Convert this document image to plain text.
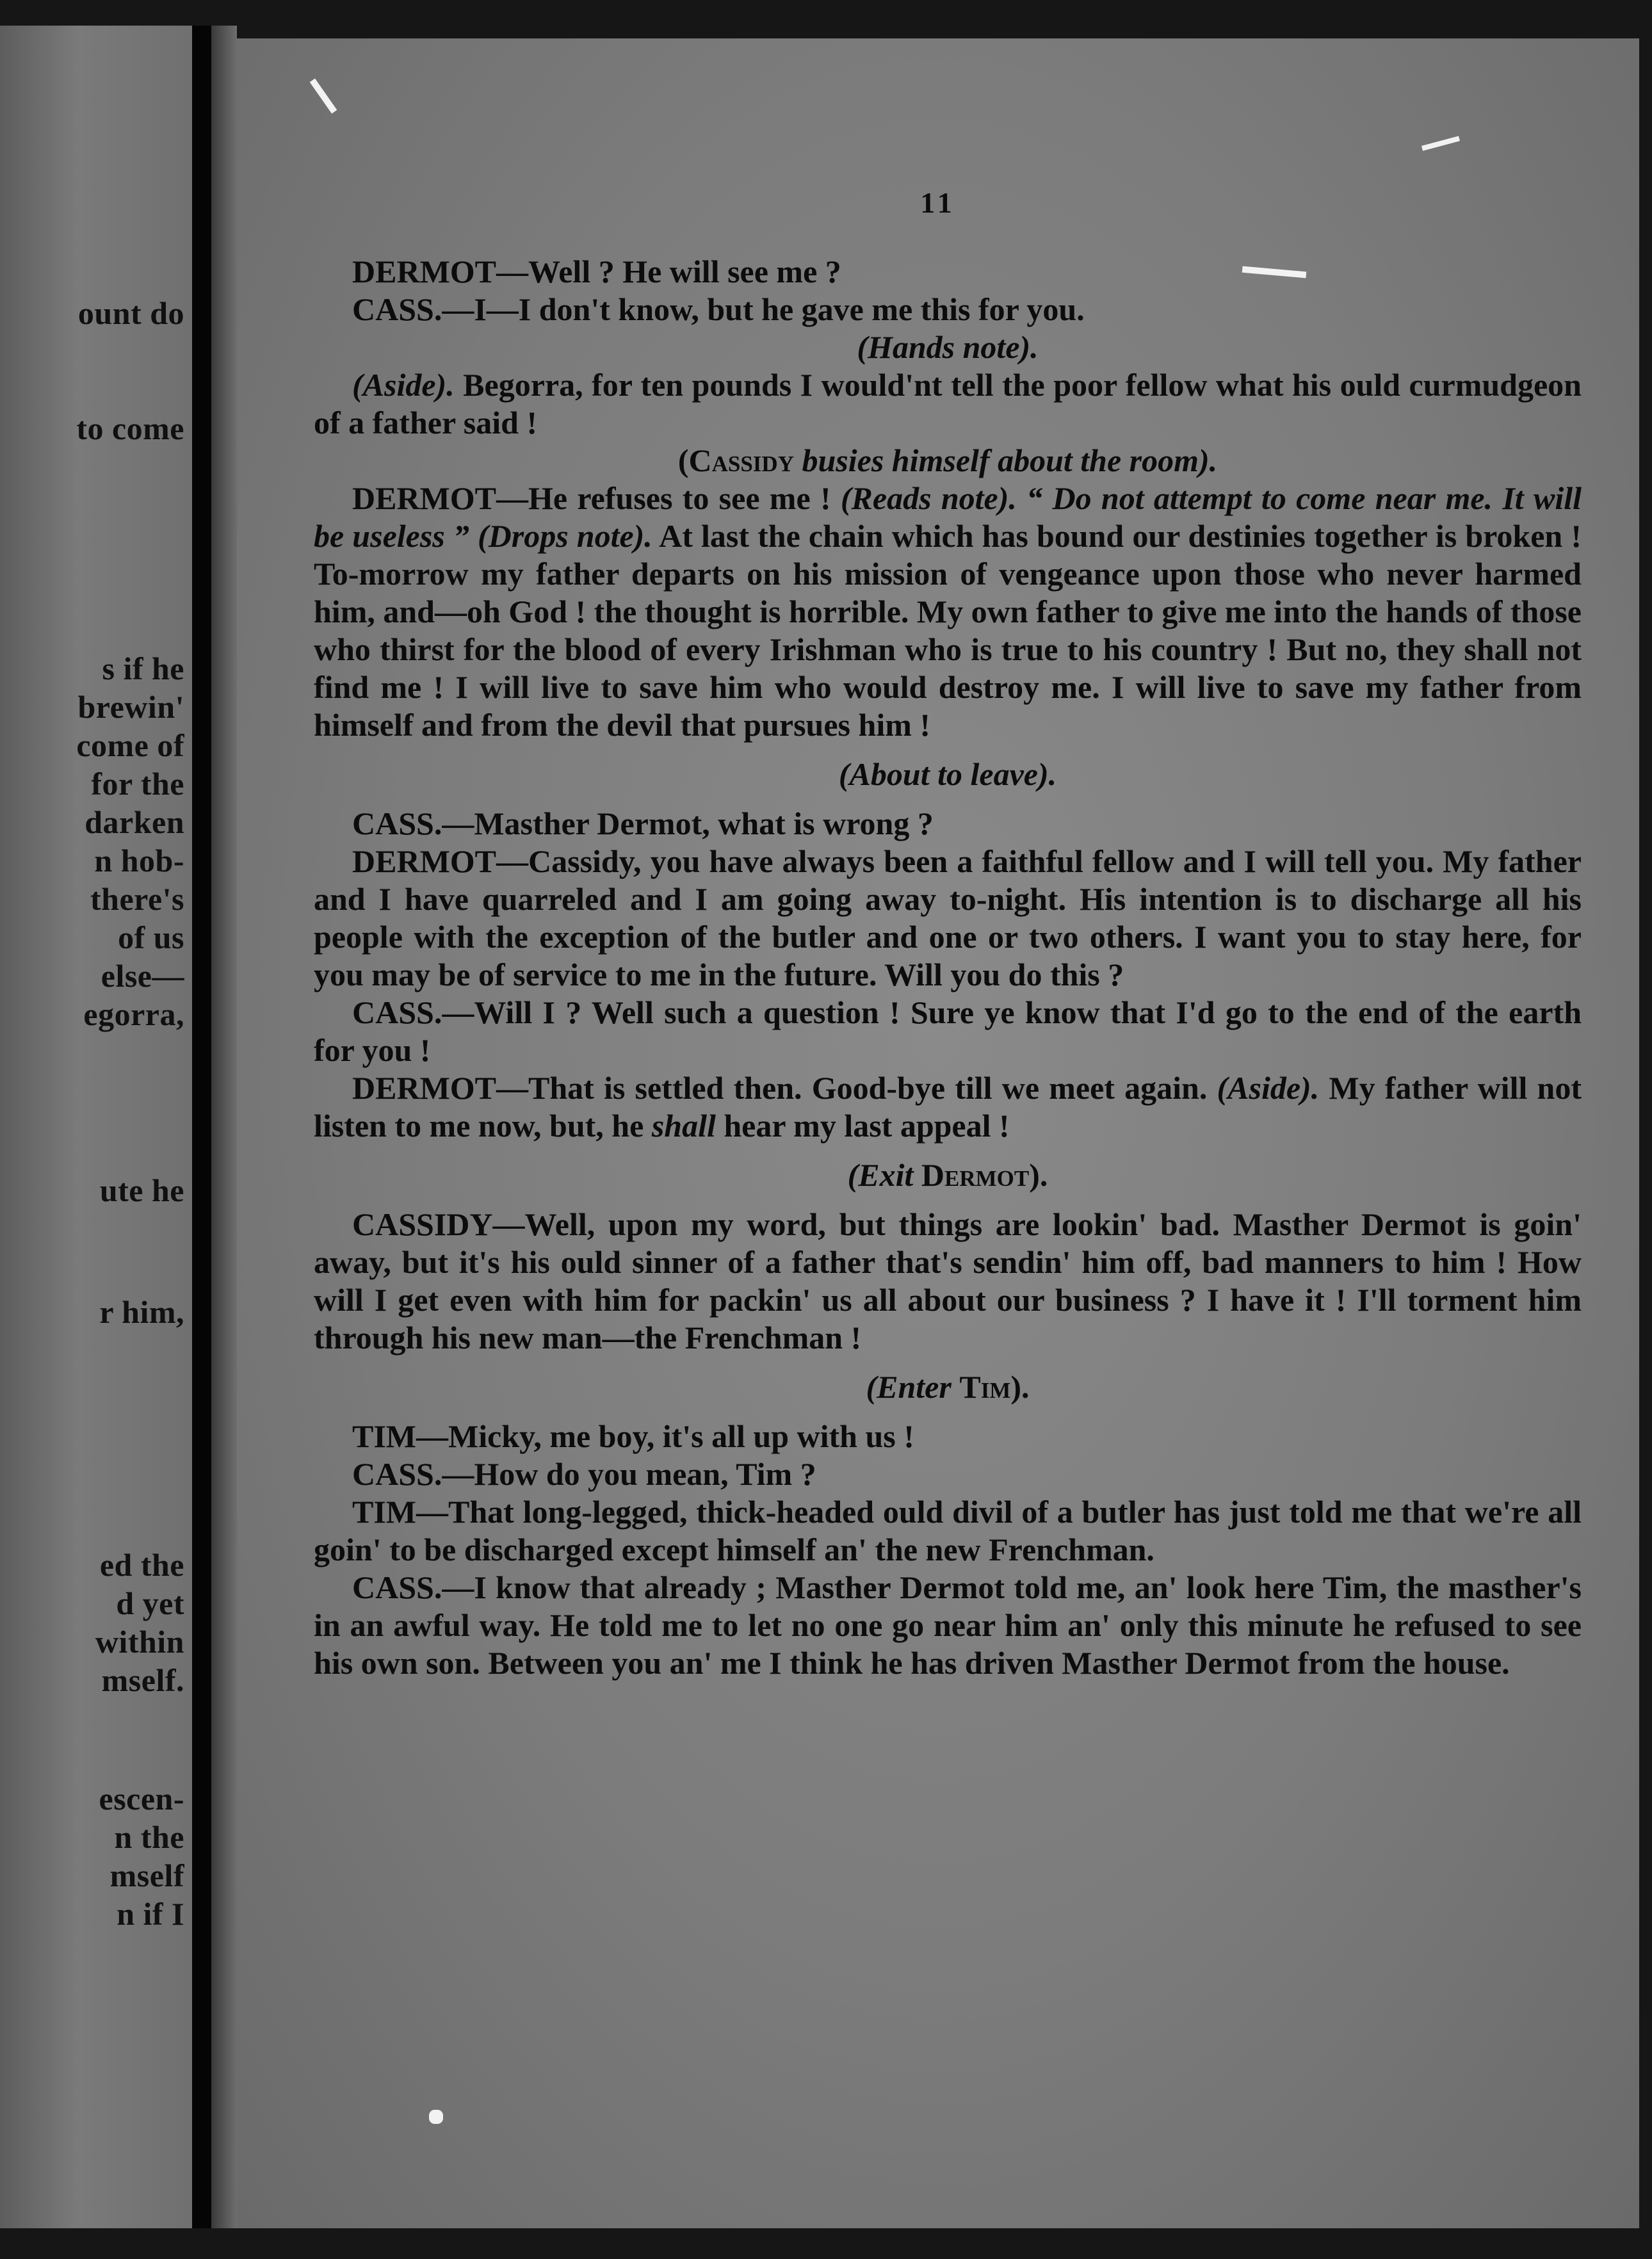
ount do

to come

s if he

brewin'

come of

for the

darken

n hob-

there's

of us

else—

egorra,

ute he

r him,

ed the

d yet

within

mself.

escen-

n the

mself

n if I

11

DERMOT—Well ? He will see me ?

CASS.—I—I don't know, but he gave me this for you.

(Hands note).

(Aside). Begorra, for ten pounds I would'nt tell the poor fellow what his ould curmudgeon of a father said !

(Cassidy busies himself about the room).

DERMOT—He refuses to see me ! (Reads note). “ Do not attempt to come near me. It will be useless ” (Drops note). At last the chain which has bound our destinies together is broken ! To-morrow my father departs on his mission of vengeance upon those who never harmed him, and—oh God ! the thought is horrible. My own father to give me into the hands of those who thirst for the blood of every Irishman who is true to his country ! But no, they shall not find me ! I will live to save him who would destroy me. I will live to save my father from himself and from the devil that pursues him !

(About to leave).

CASS.—Masther Dermot, what is wrong ?

DERMOT—Cassidy, you have always been a faithful fellow and I will tell you. My father and I have quarreled and I am going away to-night. His intention is to discharge all his people with the exception of the butler and one or two others. I want you to stay here, for you may be of service to me in the future. Will you do this ?

CASS.—Will I ? Well such a question ! Sure ye know that I'd go to the end of the earth for you !

DERMOT—That is settled then. Good-bye till we meet again. (Aside). My father will not listen to me now, but, he shall hear my last appeal !

(Exit Dermot).

CASSIDY—Well, upon my word, but things are lookin' bad. Masther Dermot is goin' away, but it's his ould sinner of a father that's sendin' him off, bad manners to him ! How will I get even with him for packin' us all about our business ? I have it ! I'll torment him through his new man—the Frenchman !

(Enter Tim).

TIM—Micky, me boy, it's all up with us !

CASS.—How do you mean, Tim ?

TIM—That long-legged, thick-headed ould divil of a butler has just told me that we're all goin' to be discharged except himself an' the new Frenchman.

CASS.—I know that already ; Masther Dermot told me, an' look here Tim, the masther's in an awful way. He told me to let no one go near him an' only this minute he refused to see his own son. Between you an' me I think he has driven Masther Dermot from the house.
